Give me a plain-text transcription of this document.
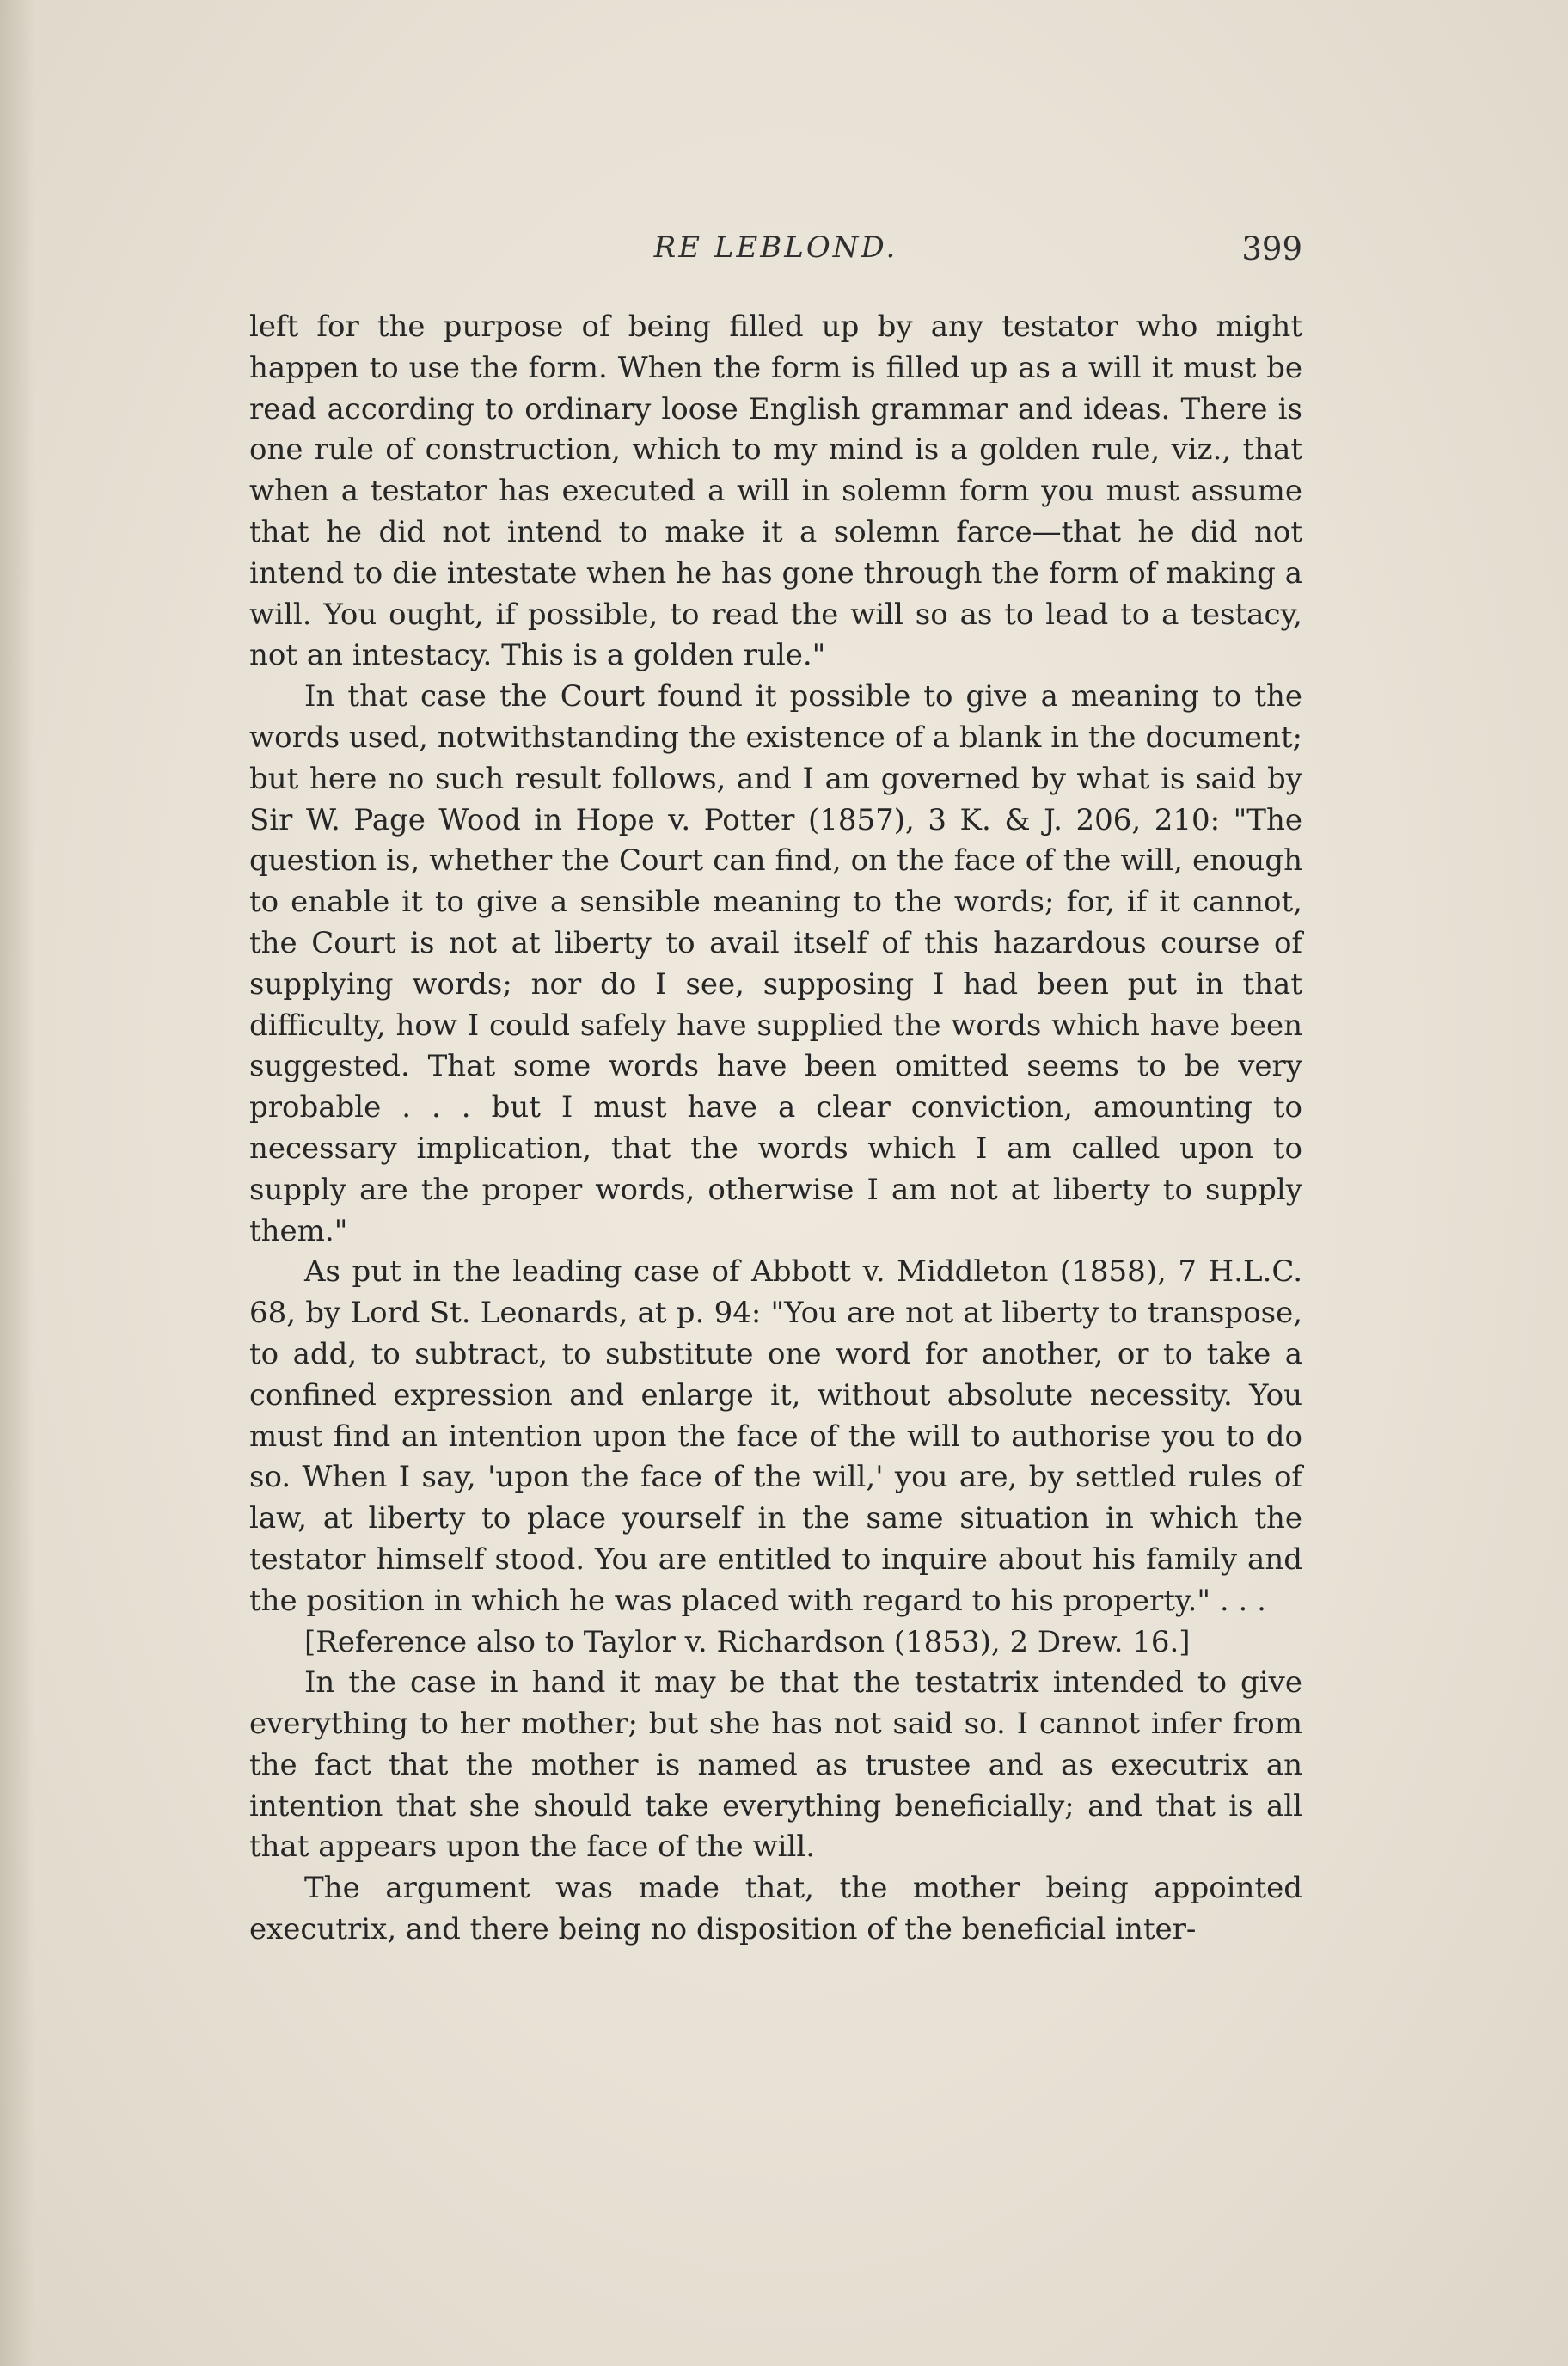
RE LEBLOND.	399

left for the purpose of being filled up by any testator who might happen to use the form. When the form is filled up as a will it must be read according to ordinary loose English grammar and ideas. There is one rule of construction, which to my mind is a golden rule, viz., that when a testator has executed a will in solemn form you must assume that he did not intend to make it a solemn farce—that he did not intend to die intestate when he has gone through the form of making a will. You ought, if possible, to read the will so as to lead to a testacy, not an intestacy. This is a golden rule."

In that case the Court found it possible to give a meaning to the words used, notwithstanding the existence of a blank in the document; but here no such result follows, and I am governed by what is said by Sir W. Page Wood in Hope v. Potter (1857), 3 K. & J. 206, 210: "The question is, whether the Court can find, on the face of the will, enough to enable it to give a sensible meaning to the words; for, if it cannot, the Court is not at liberty to avail itself of this hazardous course of supplying words; nor do I see, supposing I had been put in that difficulty, how I could safely have supplied the words which have been suggested. That some words have been omitted seems to be very probable . . . but I must have a clear conviction, amounting to necessary implication, that the words which I am called upon to supply are the proper words, otherwise I am not at liberty to supply them."

As put in the leading case of Abbott v. Middleton (1858), 7 H.L.C. 68, by Lord St. Leonards, at p. 94: "You are not at liberty to transpose, to add, to subtract, to substitute one word for another, or to take a confined expression and enlarge it, without absolute necessity. You must find an intention upon the face of the will to authorise you to do so. When I say, 'upon the face of the will,' you are, by settled rules of law, at liberty to place yourself in the same situation in which the testator himself stood. You are entitled to inquire about his family and the position in which he was placed with regard to his property." . . .

[Reference also to Taylor v. Richardson (1853), 2 Drew. 16.]

In the case in hand it may be that the testatrix intended to give everything to her mother; but she has not said so. I cannot infer from the fact that the mother is named as trustee and as executrix an intention that she should take everything beneficially; and that is all that appears upon the face of the will.

The argument was made that, the mother being appointed executrix, and there being no disposition of the beneficial inter-
